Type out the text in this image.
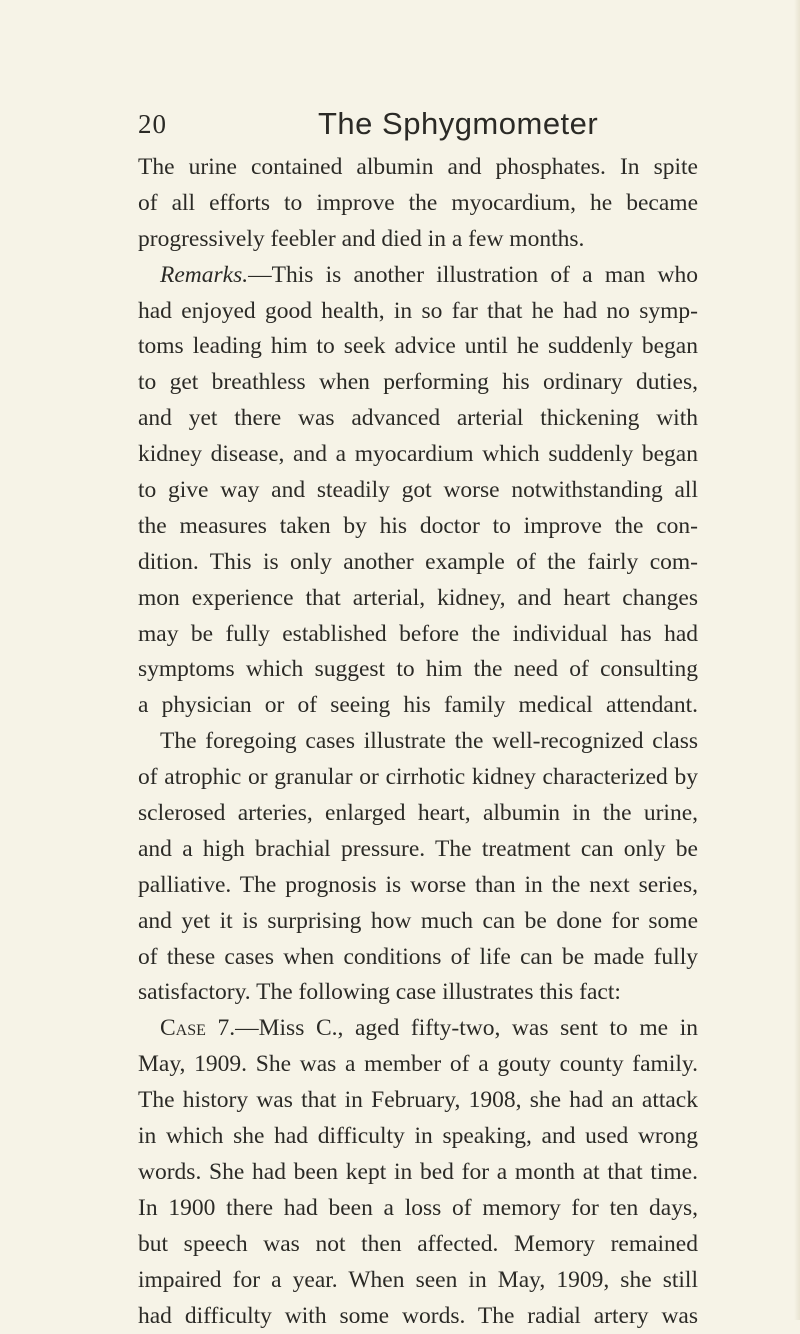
20	The Sphygmometer
The urine contained albumin and phosphates. In spite
of all efforts to improve the myocardium, he became
progressively feebler and died in a few months.
Remarks.—This is another illustration of a man who
had enjoyed good health, in so far that he had no symp-
toms leading him to seek advice until he suddenly began
to get breathless when performing his ordinary duties,
and yet there was advanced arterial thickening with
kidney disease, and a myocardium which suddenly began
to give way and steadily got worse notwithstanding all
the measures taken by his doctor to improve the con-
dition. This is only another example of the fairly com-
mon experience that arterial, kidney, and heart changes
may be fully established before the individual has had
symptoms which suggest to him the need of consulting
a physician or of seeing his family medical attendant.
The foregoing cases illustrate the well-recognized class
of atrophic or granular or cirrhotic kidney characterized by
sclerosed arteries, enlarged heart, albumin in the urine,
and a high brachial pressure. The treatment can only be
palliative. The prognosis is worse than in the next series,
and yet it is surprising how much can be done for some
of these cases when conditions of life can be made fully
satisfactory. The following case illustrates this fact:
Case 7.—Miss C., aged fifty-two, was sent to me in
May, 1909. She was a member of a gouty county family.
The history was that in February, 1908, she had an attack
in which she had difficulty in speaking, and used wrong
words. She had been kept in bed for a month at that time.
In 1900 there had been a loss of memory for ten days,
but speech was not then affected. Memory remained
impaired for a year. When seen in May, 1909, she still
had difficulty with some words. The radial artery was
